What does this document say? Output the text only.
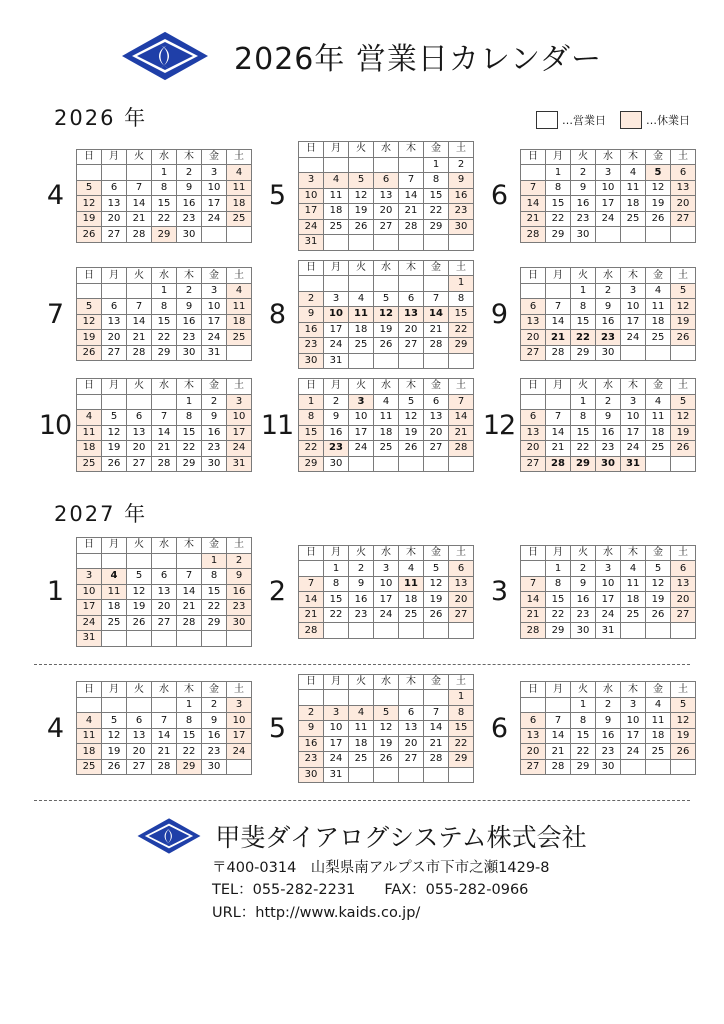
2026年 営業日カレンダー
2026 年	…営業日	…休業日
4
日	月	火	水	木	金	土
			1	2	3	4
5	6	7	8	9	10	11
12	13	14	15	16	17	18
19	20	21	22	23	24	25
26	27	28	29	30		
5
日	月	火	水	木	金	土
					1	2
3	4	5	6	7	8	9
10	11	12	13	14	15	16
17	18	19	20	21	22	23
24	25	26	27	28	29	30
31						
6
日	月	火	水	木	金	土
	1	2	3	4	5	6
7	8	9	10	11	12	13
14	15	16	17	18	19	20
21	22	23	24	25	26	27
28	29	30				
7
日	月	火	水	木	金	土
			1	2	3	4
5	6	7	8	9	10	11
12	13	14	15	16	17	18
19	20	21	22	23	24	25
26	27	28	29	30	31	
8
日	月	火	水	木	金	土
						1
2	3	4	5	6	7	8
9	10	11	12	13	14	15
16	17	18	19	20	21	22
23	24	25	26	27	28	29
30	31					
9
日	月	火	水	木	金	土
		1	2	3	4	5
6	7	8	9	10	11	12
13	14	15	16	17	18	19
20	21	22	23	24	25	26
27	28	29	30			
10
日	月	火	水	木	金	土
				1	2	3
4	5	6	7	8	9	10
11	12	13	14	15	16	17
18	19	20	21	22	23	24
25	26	27	28	29	30	31
11
日	月	火	水	木	金	土
1	2	3	4	5	6	7
8	9	10	11	12	13	14
15	16	17	18	19	20	21
22	23	24	25	26	27	28
29	30					
12
日	月	火	水	木	金	土
		1	2	3	4	5
6	7	8	9	10	11	12
13	14	15	16	17	18	19
20	21	22	23	24	25	26
27	28	29	30	31		
2027 年
1
日	月	火	水	木	金	土
					1	2
3	4	5	6	7	8	9
10	11	12	13	14	15	16
17	18	19	20	21	22	23
24	25	26	27	28	29	30
31						
2
日	月	火	水	木	金	土
	1	2	3	4	5	6
7	8	9	10	11	12	13
14	15	16	17	18	19	20
21	22	23	24	25	26	27
28						
3
日	月	火	水	木	金	土
	1	2	3	4	5	6
7	8	9	10	11	12	13
14	15	16	17	18	19	20
21	22	23	24	25	26	27
28	29	30	31			
4
日	月	火	水	木	金	土
				1	2	3
4	5	6	7	8	9	10
11	12	13	14	15	16	17
18	19	20	21	22	23	24
25	26	27	28	29	30	
5
日	月	火	水	木	金	土
						1
2	3	4	5	6	7	8
9	10	11	12	13	14	15
16	17	18	19	20	21	22
23	24	25	26	27	28	29
30	31					
6
日	月	火	水	木	金	土
		1	2	3	4	5
6	7	8	9	10	11	12
13	14	15	16	17	18	19
20	21	22	23	24	25	26
27	28	29	30			
甲斐ダイアログシステム株式会社
〒400-0314　山梨県南アルプス市下市之瀬1429-8
TEL：055-282-2231　　FAX：055-282-0966
URL：http://www.kaids.co.jp/
